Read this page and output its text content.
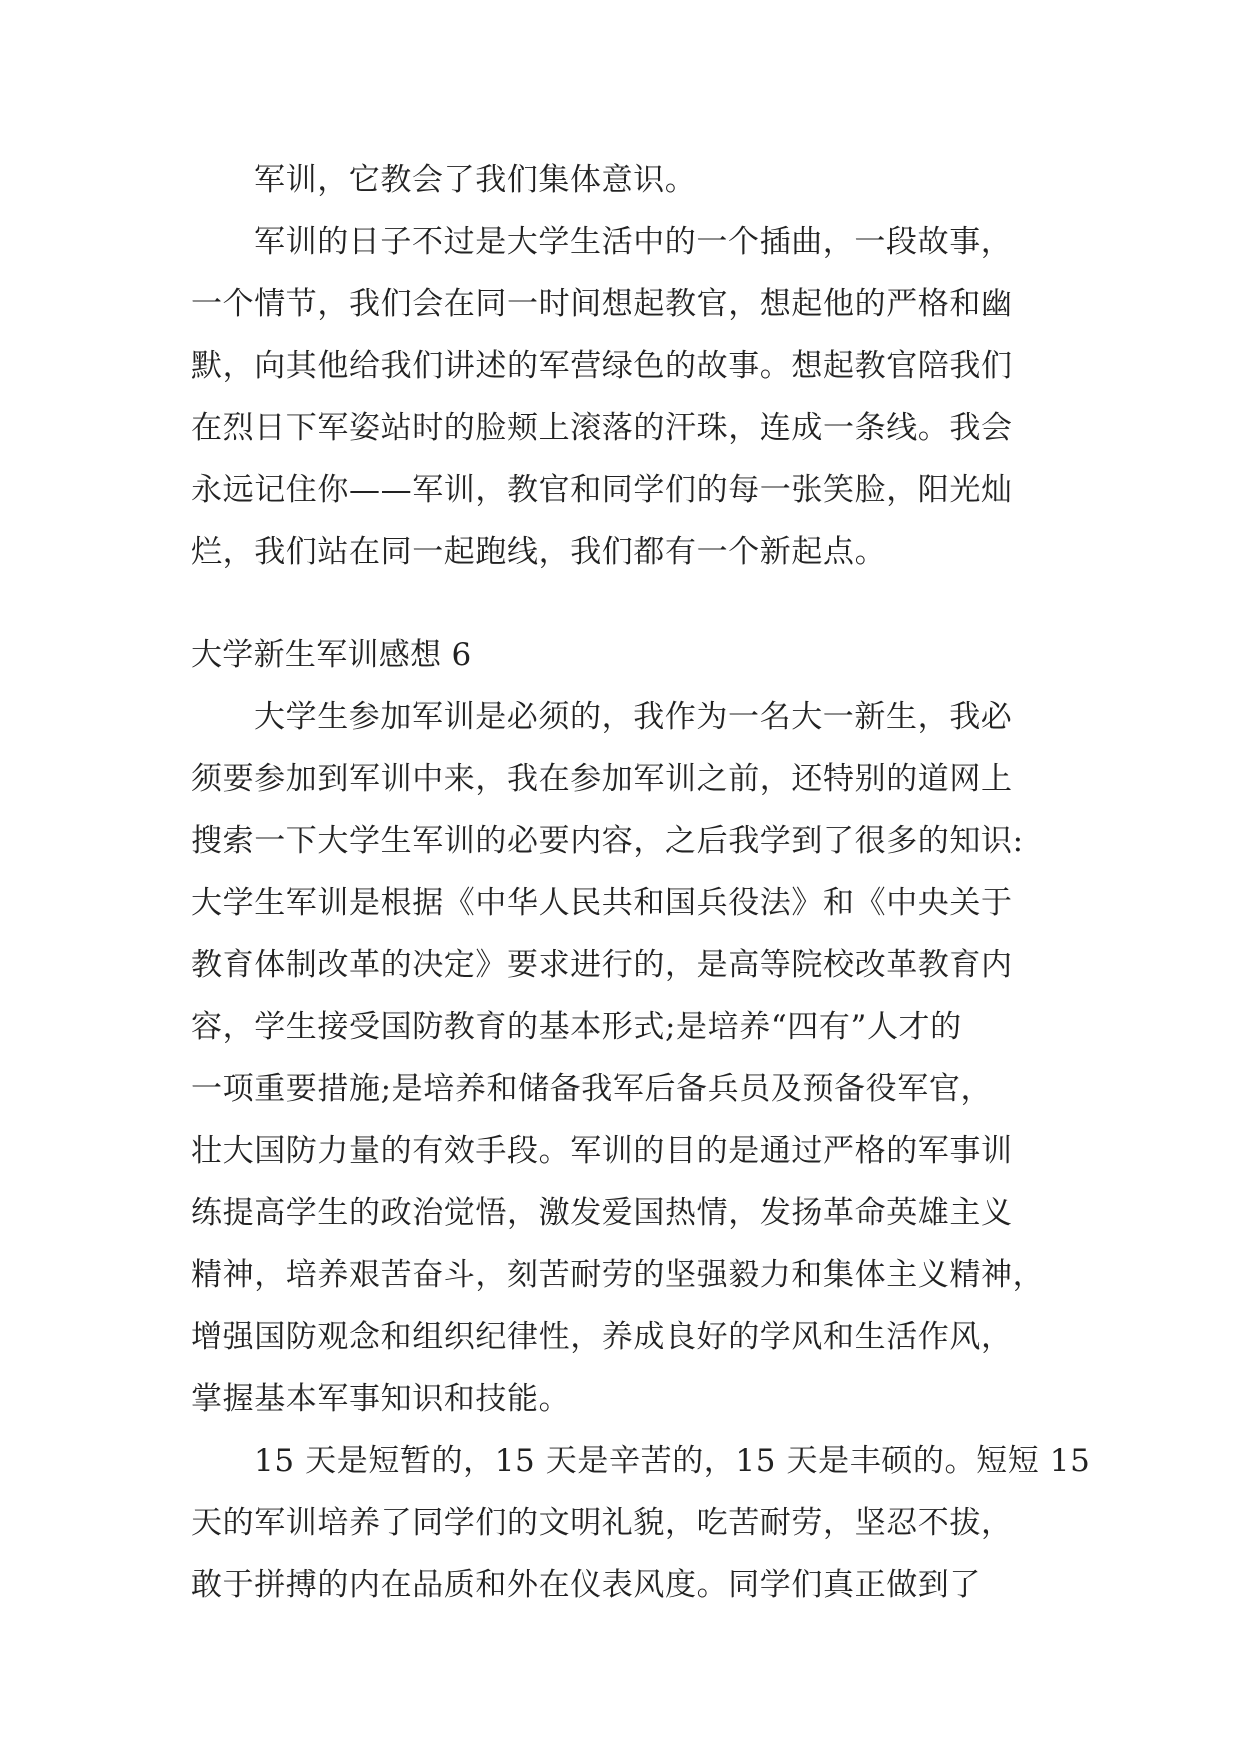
军训，它教会了我们集体意识。
军训的日子不过是大学生活中的一个插曲，一段故事，
一个情节，我们会在同一时间想起教官，想起他的严格和幽
默，向其他给我们讲述的军营绿色的故事。想起教官陪我们
在烈日下军姿站时的脸颊上滚落的汗珠，连成一条线。我会
永远记住你——军训，教官和同学们的每一张笑脸，阳光灿
烂，我们站在同一起跑线，我们都有一个新起点。
大学新生军训感想 6
大学生参加军训是必须的，我作为一名大一新生，我必
须要参加到军训中来，我在参加军训之前，还特别的道网上
搜索一下大学生军训的必要内容，之后我学到了很多的知识:
大学生军训是根据《中华人民共和国兵役法》和《中央关于
教育体制改革的决定》要求进行的，是高等院校改革教育内
容，学生接受国防教育的基本形式;是培养“四有”人才的
一项重要措施;是培养和储备我军后备兵员及预备役军官，
壮大国防力量的有效手段。军训的目的是通过严格的军事训
练提高学生的政治觉悟，激发爱国热情，发扬革命英雄主义
精神，培养艰苦奋斗，刻苦耐劳的坚强毅力和集体主义精神，
增强国防观念和组织纪律性，养成良好的学风和生活作风，
掌握基本军事知识和技能。
15 天是短暂的，15 天是辛苦的，15 天是丰硕的。短短 15
天的军训培养了同学们的文明礼貌，吃苦耐劳，坚忍不拔，
敢于拼搏的内在品质和外在仪表风度。同学们真正做到了
